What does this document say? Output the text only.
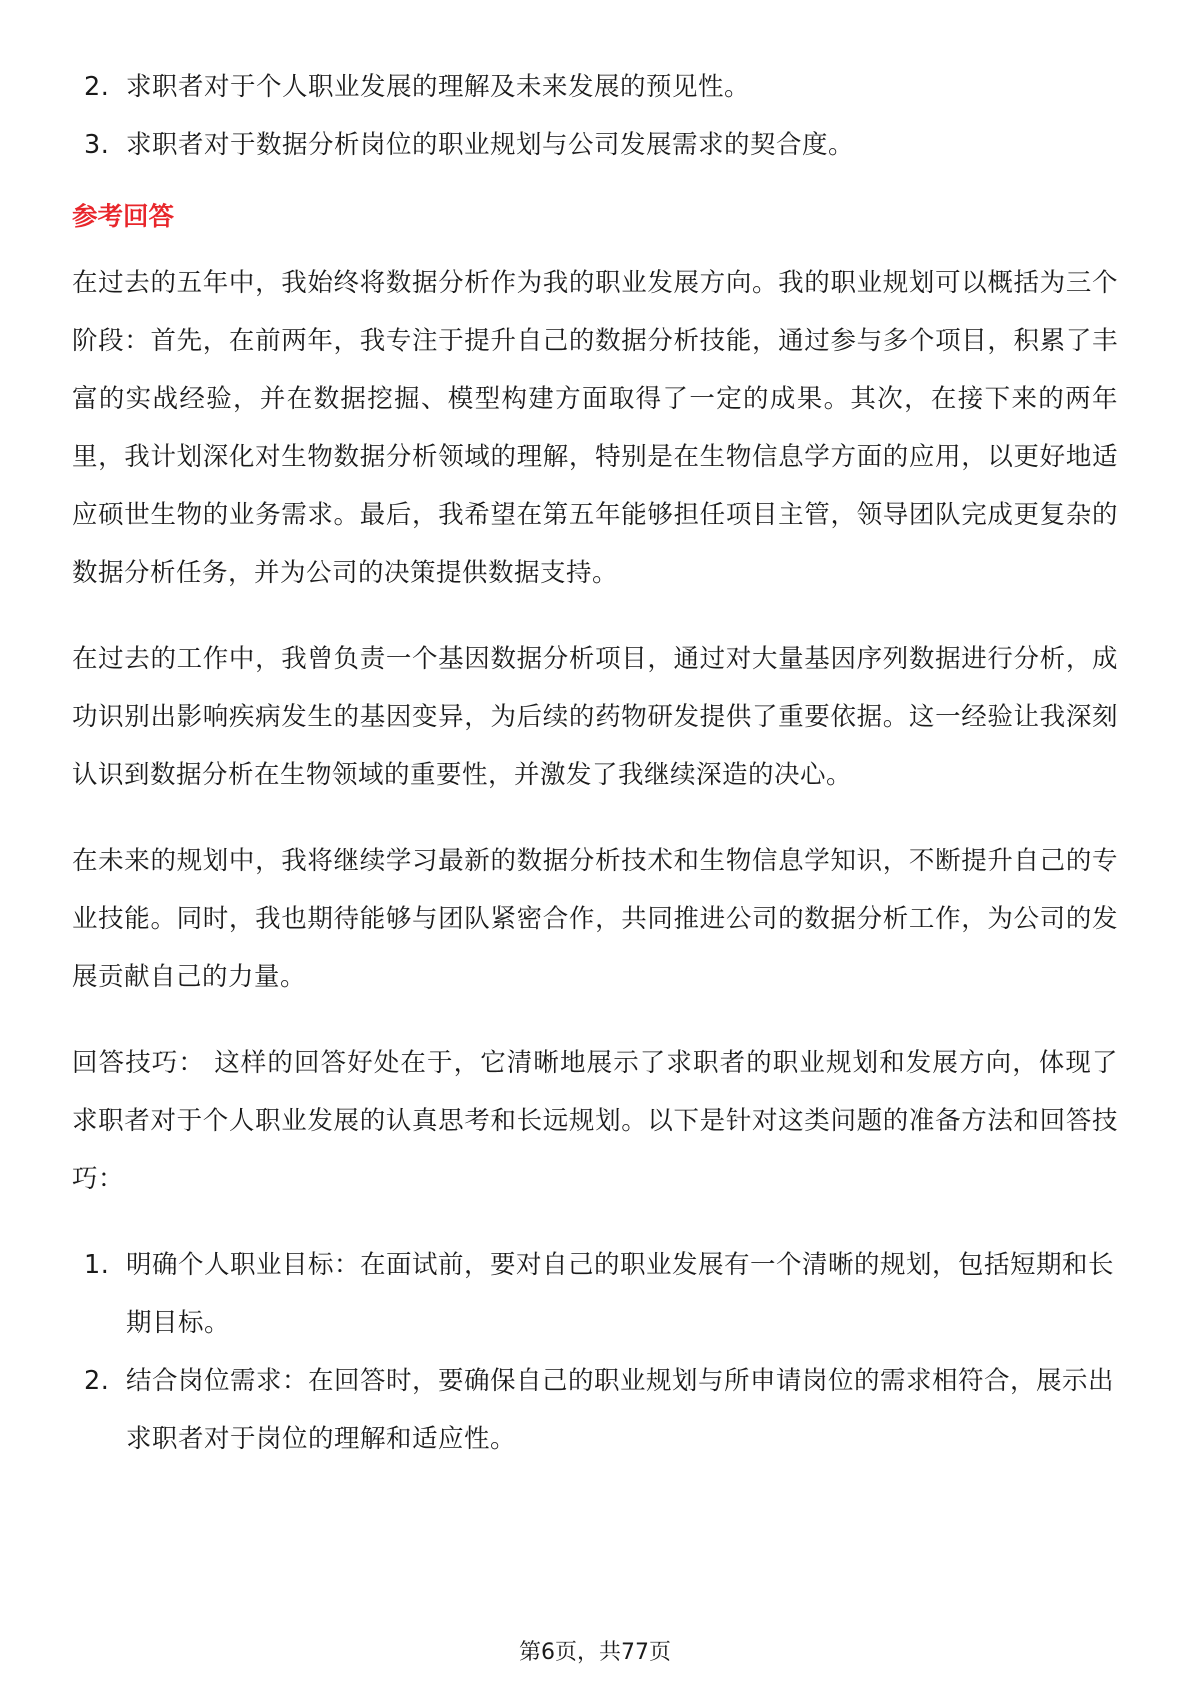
2. 求职者对于个人职业发展的理解及未来发展的预见性。
3. 求职者对于数据分析岗位的职业规划与公司发展需求的契合度。
参考回答

在过去的五年中，我始终将数据分析作为我的职业发展方向。我的职业规划可以概括为三个阶段：首先，在前两年，我专注于提升自己的数据分析技能，通过参与多个项目，积累了丰富的实战经验，并在数据挖掘、模型构建方面取得了一定的成果。其次，在接下来的两年里，我计划深化对生物数据分析领域的理解，特别是在生物信息学方面的应用，以更好地适应硕世生物的业务需求。最后，我希望在第五年能够担任项目主管，领导团队完成更复杂的数据分析任务，并为公司的决策提供数据支持。

在过去的工作中，我曾负责一个基因数据分析项目，通过对大量基因序列数据进行分析，成功识别出影响疾病发生的基因变异，为后续的药物研发提供了重要依据。这一经验让我深刻认识到数据分析在生物领域的重要性，并激发了我继续深造的决心。

在未来的规划中，我将继续学习最新的数据分析技术和生物信息学知识，不断提升自己的专业技能。同时，我也期待能够与团队紧密合作，共同推进公司的数据分析工作，为公司的发展贡献自己的力量。

回答技巧： 这样的回答好处在于，它清晰地展示了求职者的职业规划和发展方向，体现了求职者对于个人职业发展的认真思考和长远规划。以下是针对这类问题的准备方法和回答技巧：

1. 明确个人职业目标：在面试前，要对自己的职业发展有一个清晰的规划，包括短期和长期目标。
2. 结合岗位需求：在回答时，要确保自己的职业规划与所申请岗位的需求相符合，展示出求职者对于岗位的理解和适应性。
第6页，共77页
